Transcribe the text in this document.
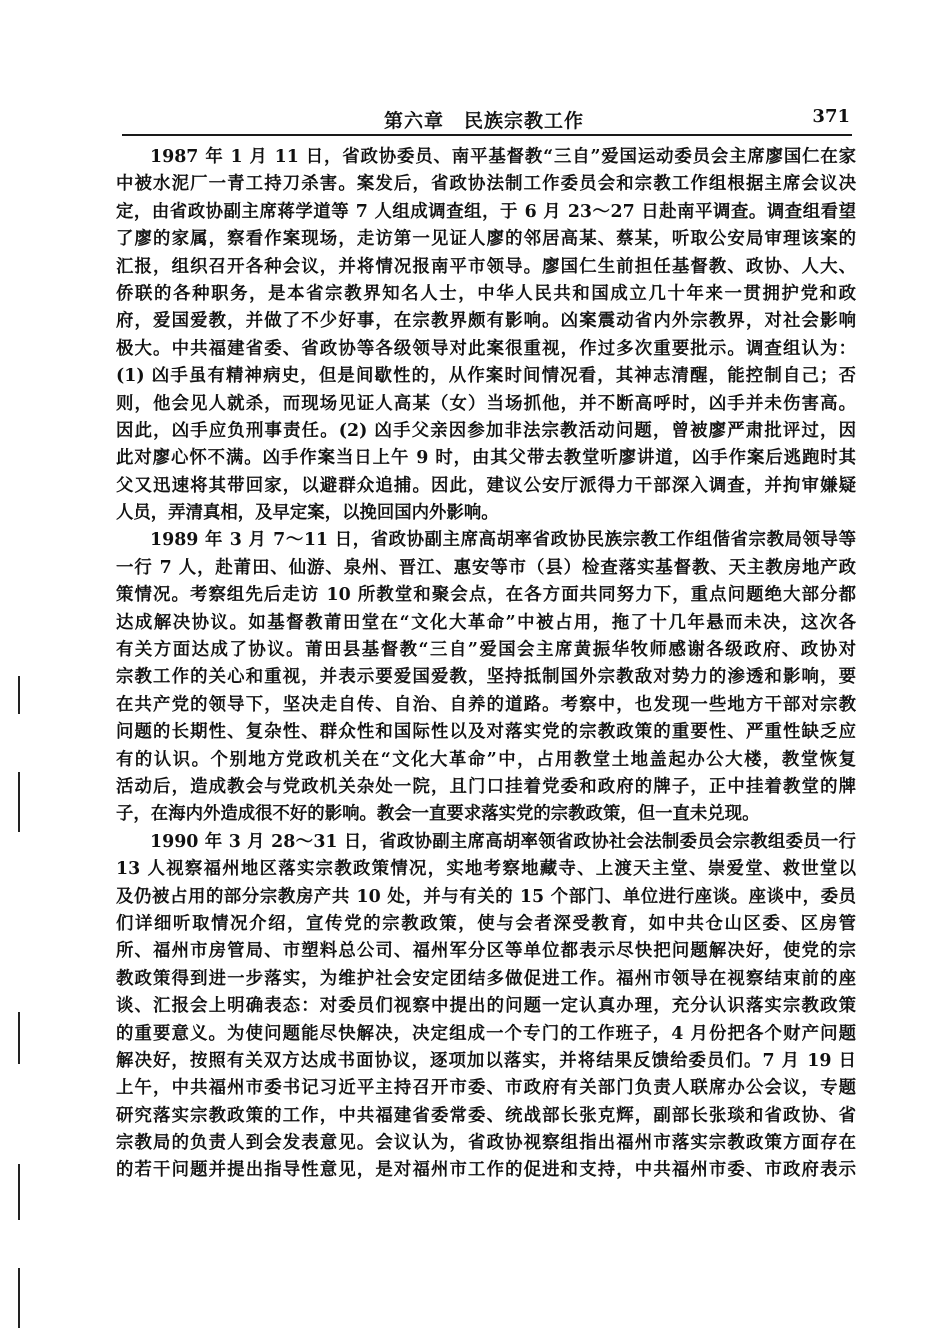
第六章　民族宗教工作	371
1987 年 1 月 11 日，省政协委员、南平基督教“三自”爱国运动委员会主席廖国仁在家
中被水泥厂一青工持刀杀害。案发后，省政协法制工作委员会和宗教工作组根据主席会议决
定，由省政协副主席蒋学道等 7 人组成调查组，于 6 月 23～27 日赴南平调查。调查组看望
了廖的家属，察看作案现场，走访第一见证人廖的邻居高某、蔡某，听取公安局审理该案的
汇报，组织召开各种会议，并将情况报南平市领导。廖国仁生前担任基督教、政协、人大、
侨联的各种职务，是本省宗教界知名人士，中华人民共和国成立几十年来一贯拥护党和政
府，爱国爱教，并做了不少好事，在宗教界颇有影响。凶案震动省内外宗教界，对社会影响
极大。中共福建省委、省政协等各级领导对此案很重视，作过多次重要批示。调查组认为：
(1) 凶手虽有精神病史，但是间歇性的，从作案时间情况看，其神志清醒，能控制自己；否
则，他会见人就杀，而现场见证人高某（女）当场抓他，并不断高呼时，凶手并未伤害高。
因此，凶手应负刑事责任。(2) 凶手父亲因参加非法宗教活动问题，曾被廖严肃批评过，因
此对廖心怀不满。凶手作案当日上午 9 时，由其父带去教堂听廖讲道，凶手作案后逃跑时其
父又迅速将其带回家，以避群众追捕。因此，建议公安厅派得力干部深入调查，并拘审嫌疑
人员，弄清真相，及早定案，以挽回国内外影响。
1989 年 3 月 7～11 日，省政协副主席高胡率省政协民族宗教工作组偕省宗教局领导等
一行 7 人，赴莆田、仙游、泉州、晋江、惠安等市（县）检查落实基督教、天主教房地产政
策情况。考察组先后走访 10 所教堂和聚会点，在各方面共同努力下，重点问题绝大部分都
达成解决协议。如基督教莆田堂在“文化大革命”中被占用，拖了十几年悬而未决，这次各
有关方面达成了协议。莆田县基督教“三自”爱国会主席黄振华牧师感谢各级政府、政协对
宗教工作的关心和重视，并表示要爱国爱教，坚持抵制国外宗教敌对势力的渗透和影响，要
在共产党的领导下，坚决走自传、自治、自养的道路。考察中，也发现一些地方干部对宗教
问题的长期性、复杂性、群众性和国际性以及对落实党的宗教政策的重要性、严重性缺乏应
有的认识。个别地方党政机关在“文化大革命”中，占用教堂土地盖起办公大楼，教堂恢复
活动后，造成教会与党政机关杂处一院，且门口挂着党委和政府的牌子，正中挂着教堂的牌
子，在海内外造成很不好的影响。教会一直要求落实党的宗教政策，但一直未兑现。
1990 年 3 月 28～31 日，省政协副主席高胡率领省政协社会法制委员会宗教组委员一行
13 人视察福州地区落实宗教政策情况，实地考察地藏寺、上渡天主堂、崇爱堂、救世堂以
及仍被占用的部分宗教房产共 10 处，并与有关的 15 个部门、单位进行座谈。座谈中，委员
们详细听取情况介绍，宣传党的宗教政策，使与会者深受教育，如中共仓山区委、区房管
所、福州市房管局、市塑料总公司、福州军分区等单位都表示尽快把问题解决好，使党的宗
教政策得到进一步落实，为维护社会安定团结多做促进工作。福州市领导在视察结束前的座
谈、汇报会上明确表态：对委员们视察中提出的问题一定认真办理，充分认识落实宗教政策
的重要意义。为使问题能尽快解决，决定组成一个专门的工作班子，4 月份把各个财产问题
解决好，按照有关双方达成书面协议，逐项加以落实，并将结果反馈给委员们。7 月 19 日
上午，中共福州市委书记习近平主持召开市委、市政府有关部门负责人联席办公会议，专题
研究落实宗教政策的工作，中共福建省委常委、统战部长张克辉，副部长张琰和省政协、省
宗教局的负责人到会发表意见。会议认为，省政协视察组指出福州市落实宗教政策方面存在
的若干问题并提出指导性意见，是对福州市工作的促进和支持，中共福州市委、市政府表示
